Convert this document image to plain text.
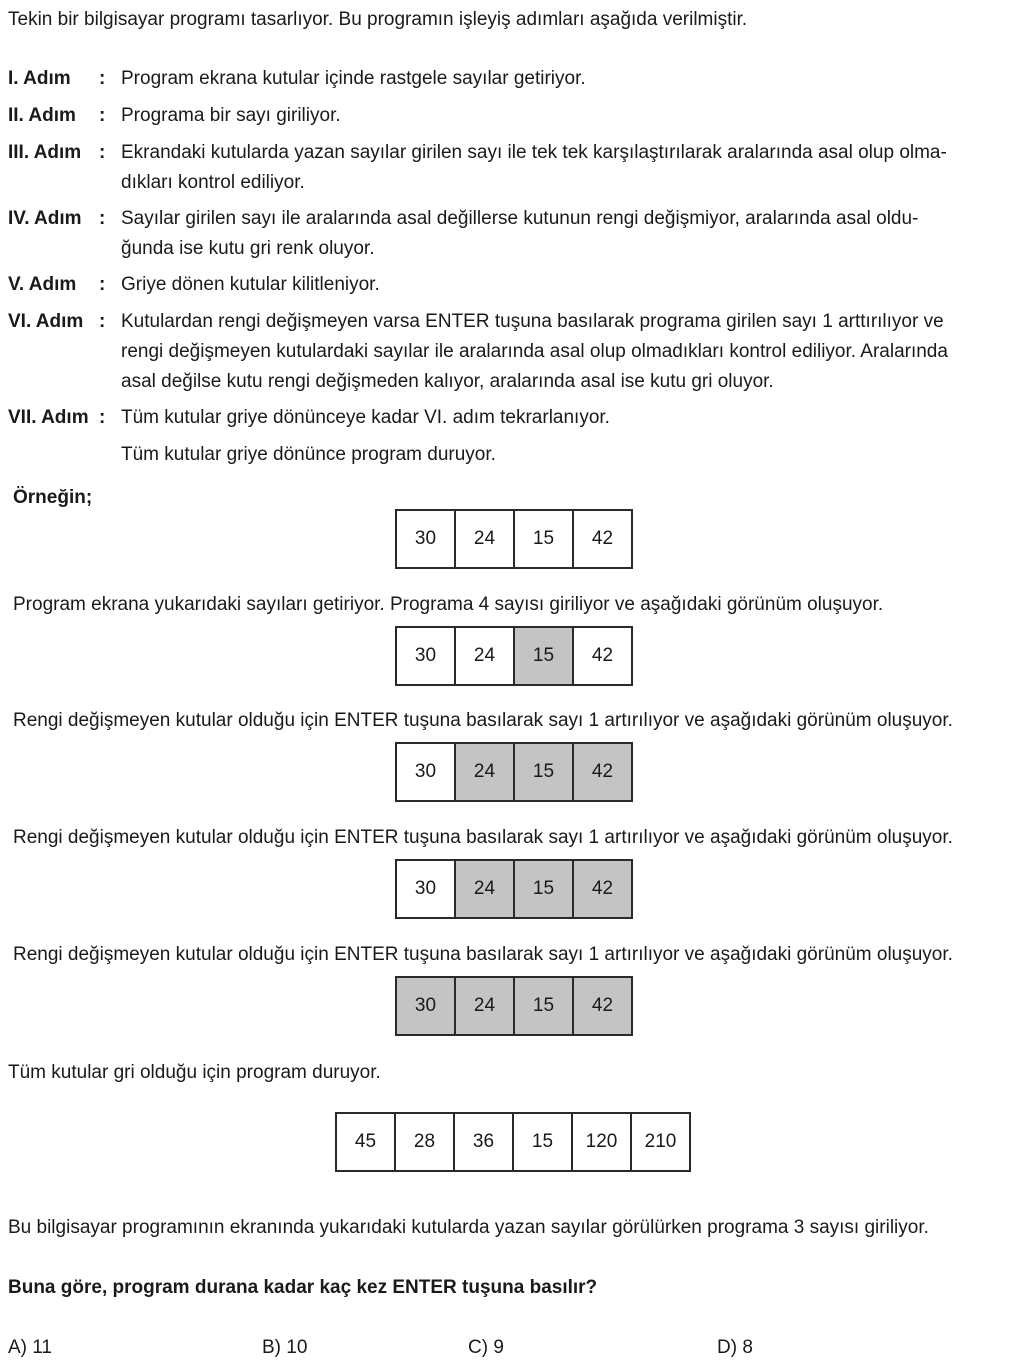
Tekin bir bilgisayar programı tasarlıyor. Bu programın işleyiş adımları aşağıda verilmiştir.
I. Adım : Program ekrana kutular içinde rastgele sayılar getiriyor.
II. Adım : Programa bir sayı giriliyor.
III. Adım : Ekrandaki kutularda yazan sayılar girilen sayı ile tek tek karşılaştırılarak aralarında asal olup olma-
dıkları kontrol ediliyor.
IV. Adım : Sayılar girilen sayı ile aralarında asal değillerse kutunun rengi değişmiyor, aralarında asal oldu-
ğunda ise kutu gri renk oluyor.
V. Adım : Griye dönen kutular kilitleniyor.
VI. Adım : Kutulardan rengi değişmeyen varsa ENTER tuşuna basılarak programa girilen sayı 1 arttırılıyor ve
rengi değişmeyen kutulardaki sayılar ile aralarında asal olup olmadıkları kontrol ediliyor. Aralarında
asal değilse kutu rengi değişmeden kalıyor, aralarında asal ise kutu gri oluyor.
VII. Adım : Tüm kutular griye dönünceye kadar VI. adım tekrarlanıyor.
Tüm kutular griye dönünce program duruyor.
Örneğin;
30	24	15	42
Program ekrana yukarıdaki sayıları getiriyor. Programa 4 sayısı giriliyor ve aşağıdaki görünüm oluşuyor.
30	24	15	42
Rengi değişmeyen kutular olduğu için ENTER tuşuna basılarak sayı 1 artırılıyor ve aşağıdaki görünüm oluşuyor.
30	24	15	42
Rengi değişmeyen kutular olduğu için ENTER tuşuna basılarak sayı 1 artırılıyor ve aşağıdaki görünüm oluşuyor.
30	24	15	42
Rengi değişmeyen kutular olduğu için ENTER tuşuna basılarak sayı 1 artırılıyor ve aşağıdaki görünüm oluşuyor.
30	24	15	42
Tüm kutular gri olduğu için program duruyor.
45	28	36	15	120	210
Bu bilgisayar programının ekranında yukarıdaki kutularda yazan sayılar görülürken programa 3 sayısı giriliyor.
Buna göre, program durana kadar kaç kez ENTER tuşuna basılır?
A) 11	B) 10	C) 9	D) 8
